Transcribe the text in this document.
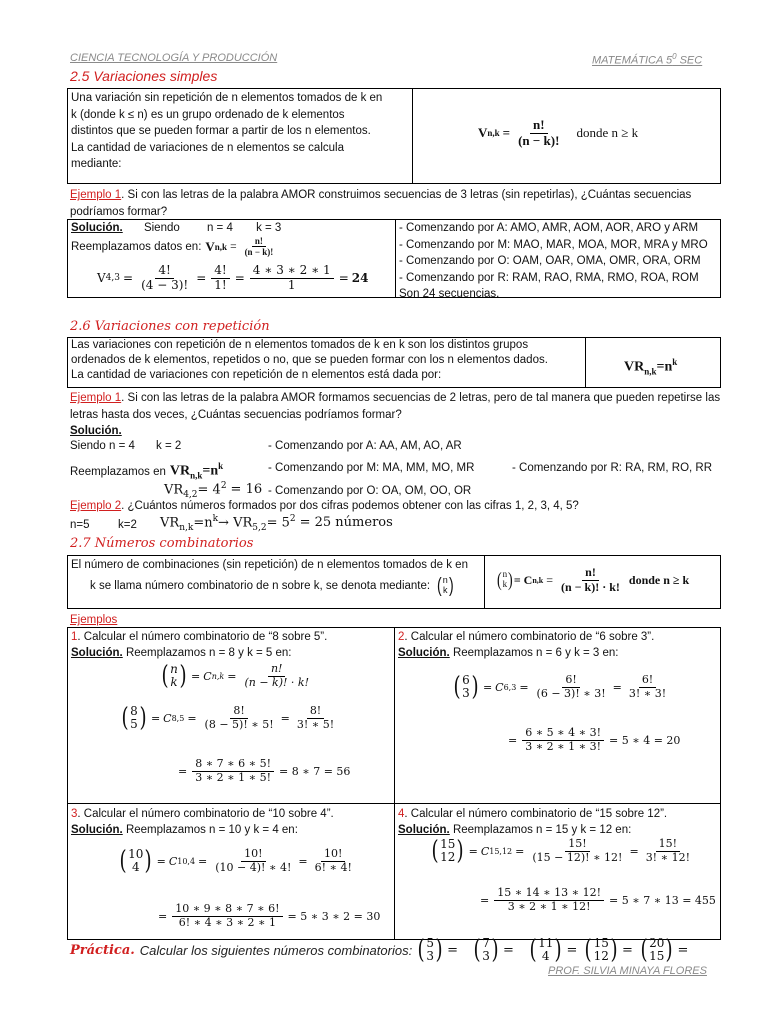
CIENCIA TECNOLOGÍA Y PRODUCCIÓN	MATEMÁTICA $5^0$ SEC
2.5 Variaciones simples
Una variación sin repetición de n elementos tomados de k en
k (donde k ≤ n) es un grupo ordenado de k elementos
distintos que se pueden formar a partir de los n elementos.
La cantidad de variaciones de n elementos se calcula
mediante:
V $n,k = \frac{n!}{(n - k)!}$ donde n ≥ k
Ejemplo 1. Si con las letras de la palabra AMOR construimos secuencias de 3 letras (sin repetirlas), ¿Cuántas secuencias
podríamos formar?
Solución. Siendo n = 4 k = 3
Reemplazamos datos en: V $n,k = \frac{n!}{(n - k)!}$
V $4,3 = \frac{4!}{(4 - 3)!} = \frac{4!}{1!} = \frac{4 ∗ 3 ∗ 2 ∗ 1}{1} = 24$
- Comenzando por A: AMO, AMR, AOM, AOR, ARO y ARM
- Comenzando por M: MAO, MAR, MOA, MOR, MRA y MRO
- Comenzando por O: OAM, OAR, OMA, OMR, ORA, ORM
- Comenzando por R: RAM, RAO, RMA, RMO, ROA, ROM
Son 24 secuencias.
2.6 Variaciones con repetición
Las variaciones con repetición de n elementos tomados de k en k son los distintos grupos
ordenados de k elementos, repetidos o no, que se pueden formar con los n elementos dados.
La cantidad de variaciones con repetición de n elementos está dada por:
$VR_{n,k}=n^k$
Ejemplo 1. Si con las letras de la palabra AMOR formamos secuencias de 2 letras, pero de tal manera que pueden repetirse las
letras hasta dos veces, ¿Cuántas secuencias podríamos formar?
Solución.
Siendo n = 4 k = 2	- Comenzando por A: AA, AM, AO, AR
Reemplazamos en $VR_{n,k}=n^k$	- Comenzando por M: MA, MM, MO, MR	- Comenzando por R: RA, RM, RO, RR
$VR_{4,2}= 4^2 = 16$ - Comenzando por O: OA, OM, OO, OR
Ejemplo 2. ¿Cuántos números formados por dos cifras podemos obtener con las cifras 1, 2, 3, 4, 5?
n=5 k=2 $VR_{n,k}=n^k\to VR_{5,2}= 5^2 = 25$ números
2.7 Números combinatorios
El número de combinaciones (sin repetición) de n elementos tomados de k en
k se llama número combinatorio de n sobre k, se denota mediante: ( n
k ) ( n
k ) = C $n,k = \frac{n!}{(n - k)! \cdot k!}$ donde n ≥ k
Ejemplos
1. Calcular el número combinatorio de “8 sobre 5”.
Solución. Reemplazamos n = 8 y k = 5 en:
( n
k ) = C $n,k = \frac{n!}{(n - k)! \cdot k!}$
( 8
5 ) = C $8,5 = \frac{8!}{(8 - 5)! ∗ 5!} = \frac{8!}{3! ∗ 5!}$
= $\frac{8 ∗ 7 ∗ 6 ∗ 5!}{3 ∗ 2 ∗ 1 ∗ 5!} = 8$ ∗ 7 = 56
2. Calcular el número combinatorio de “6 sobre 3”.
Solución. Reemplazamos n = 6 y k = 3 en:
( 6
3 ) = C $6,3 = \frac{6!}{(6 - 3)! ∗ 3!} = \frac{6!}{3! ∗ 3!}$
= $\frac{6 ∗ 5 ∗ 4 ∗ 3!}{3 ∗ 2 ∗ 1 ∗ 3!} = 5$ ∗ 4 = 20
3. Calcular el número combinatorio de “10 sobre 4”.
Solución. Reemplazamos n = 10 y k = 4 en:
( 10
4 ) = C $10,4 = \frac{10!}{(10 - 4)! ∗ 4!} = \frac{10!}{6! ∗ 4!}$
= $\frac{10 ∗ 9 ∗ 8 ∗ 7 ∗ 6!}{6! ∗ 4 ∗ 3 ∗ 2 ∗ 1} = 5$ ∗ 3 ∗ 2 = 30
4. Calcular el número combinatorio de “15 sobre 12”.
Solución. Reemplazamos n = 15 y k = 12 en:
( 15
12 ) = C $15,12 = \frac{15!}{(15 - 12)! ∗ 12!} = \frac{15!}{3! ∗ 12!}$
= $\frac{15 ∗ 14 ∗ 13 ∗ 12!}{3 ∗ 2 ∗ 1 ∗ 12!} = 5$ ∗ 7 ∗ 13 = 455
Práctica. Calcular los siguientes números combinatorios: ( 5
3 ) = ( 7
3 ) = ( 11
4 ) = ( 15
12 ) = ( 20
15 ) =
PROF. SILVIA MINAYA FLORES
